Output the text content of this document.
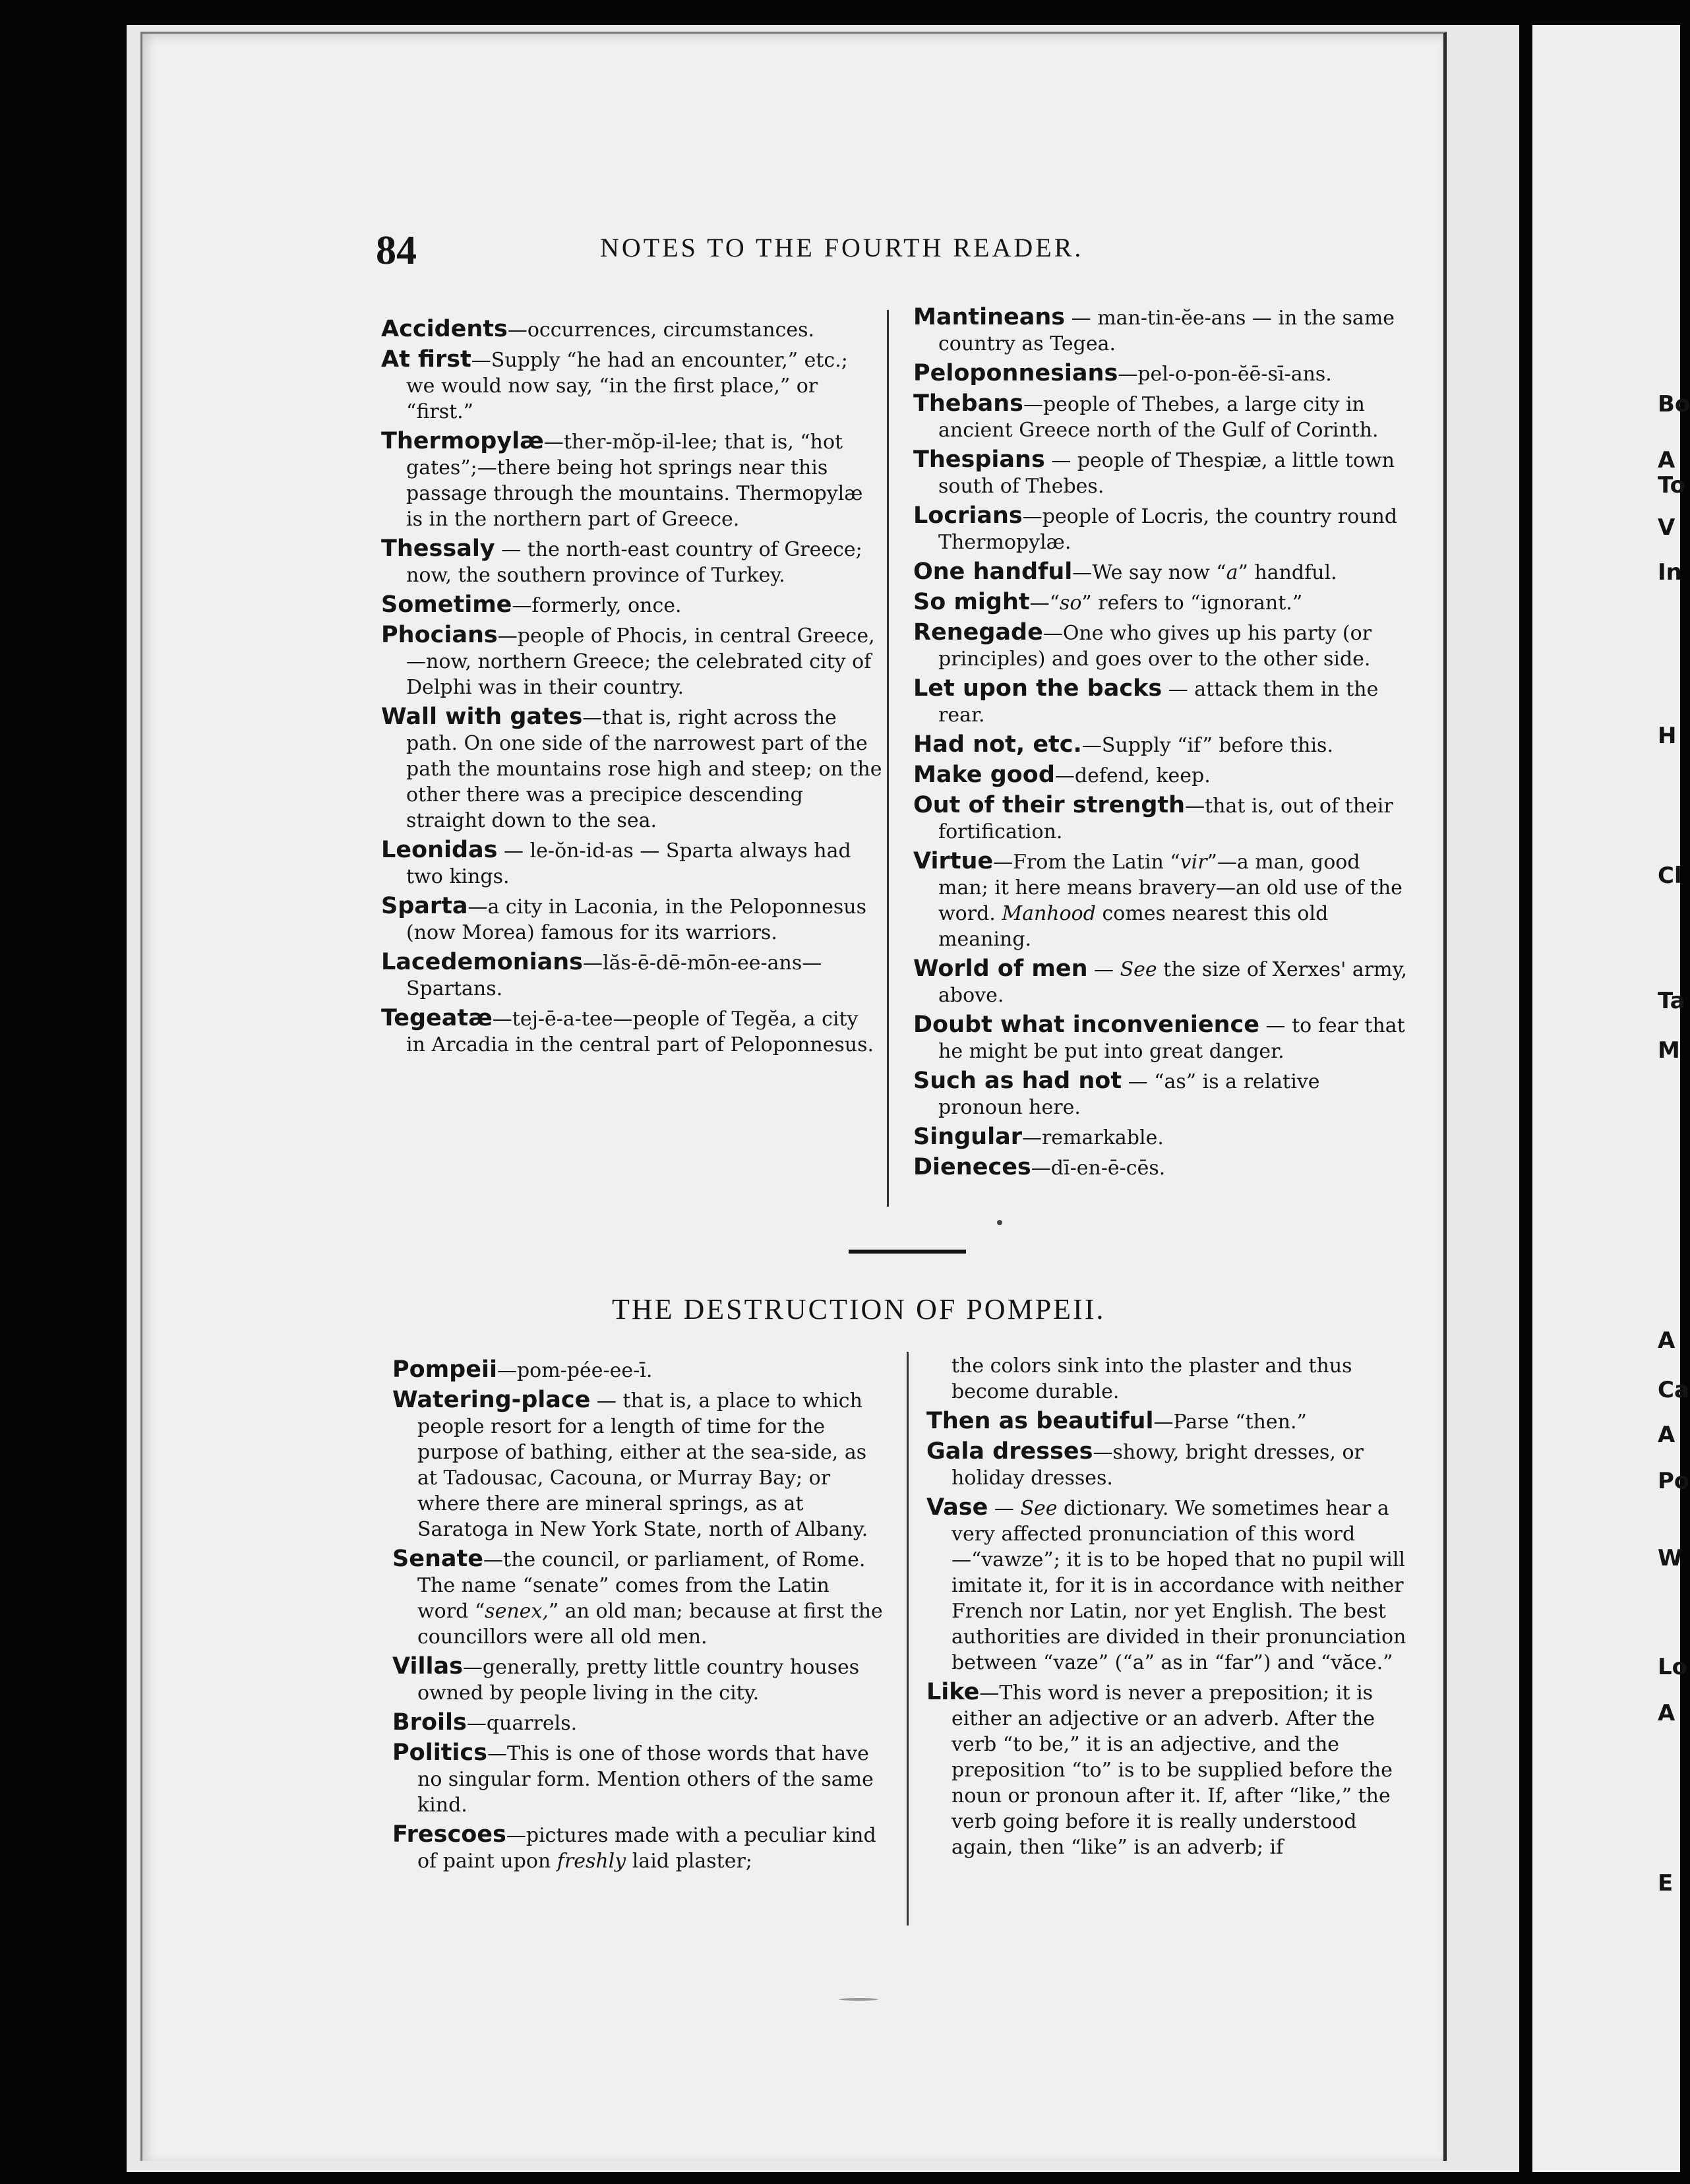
Bo
A
To
V
In
H
Cl
Ta
M
A
Ca
A
Po
W
Lo
A
E
84	NOTES TO THE FOURTH READER.
Accidents—occurrences, circumstances.
At first—Supply “he had an encounter,” etc.; we would now say, “in the first place,” or “first.”
Thermopylæ—ther-mŏp-il-lee; that is, “hot gates”;—there being hot springs near this passage through the mountains. Thermopylæ is in the northern part of Greece.
Thessaly — the north-east country of Greece; now, the southern province of Turkey.
Sometime—formerly, once.
Phocians—people of Phocis, in central Greece,—now, northern Greece; the celebrated city of Delphi was in their country.
Wall with gates—that is, right across the path. On one side of the narrowest part of the path the mountains rose high and steep; on the other there was a precipice descending straight down to the sea.
Leonidas — le-ŏn-id-as — Sparta always had two kings.
Sparta—a city in Laconia, in the Peloponnesus (now Morea) famous for its warriors.
Lacedemonians—lăs-ē-dē-mōn-ee-ans—Spartans.
Tegeatæ—tej-ē-a-tee—people of Tegĕa, a city in Arcadia in the central part of Peloponnesus.
Mantineans — man-tin-ĕe-ans — in the same country as Tegea.
Peloponnesians—pel-o-pon-ĕē-sī-ans.
Thebans—people of Thebes, a large city in ancient Greece north of the Gulf of Corinth.
Thespians — people of Thespiæ, a little town south of Thebes.
Locrians—people of Locris, the country round Thermopylæ.
One handful—We say now “a” handful.
So might—“so” refers to “ignorant.”
Renegade—One who gives up his party (or principles) and goes over to the other side.
Let upon the backs — attack them in the rear.
Had not, etc.—Supply “if” before this.
Make good—defend, keep.
Out of their strength—that is, out of their fortification.
Virtue—From the Latin “vir”—a man, good man; it here means bravery—an old use of the word. Manhood comes nearest this old meaning.
World of men — See the size of Xerxes' army, above.
Doubt what inconvenience — to fear that he might be put into great danger.
Such as had not — “as” is a relative pronoun here.
Singular—remarkable.
Dieneces—dī-en-ē-cēs.
THE DESTRUCTION OF POMPEII.
Pompeii—pom-pée-ee-ī.
Watering-place — that is, a place to which people resort for a length of time for the purpose of bathing, either at the sea-side, as at Tadousac, Cacouna, or Murray Bay; or where there are mineral springs, as at Saratoga in New York State, north of Albany.
Senate—the council, or parliament, of Rome. The name “senate” comes from the Latin word “senex,” an old man; because at first the councillors were all old men.
Villas—generally, pretty little country houses owned by people living in the city.
Broils—quarrels.
Politics—This is one of those words that have no singular form. Mention others of the same kind.
Frescoes—pictures made with a peculiar kind of paint upon freshly laid plaster;
the colors sink into the plaster and thus become durable.
Then as beautiful—Parse “then.”
Gala dresses—showy, bright dresses, or holiday dresses.
Vase — See dictionary. We sometimes hear a very affected pronunciation of this word—“vawze”; it is to be hoped that no pupil will imitate it, for it is in accordance with neither French nor Latin, nor yet English. The best authorities are divided in their pronunciation between “vaze” (“a” as in “far”) and “văce.”
Like—This word is never a preposition; it is either an adjective or an adverb. After the verb “to be,” it is an adjective, and the preposition “to” is to be supplied before the noun or pronoun after it. If, after “like,” the verb going before it is really understood again, then “like” is an adverb; if
